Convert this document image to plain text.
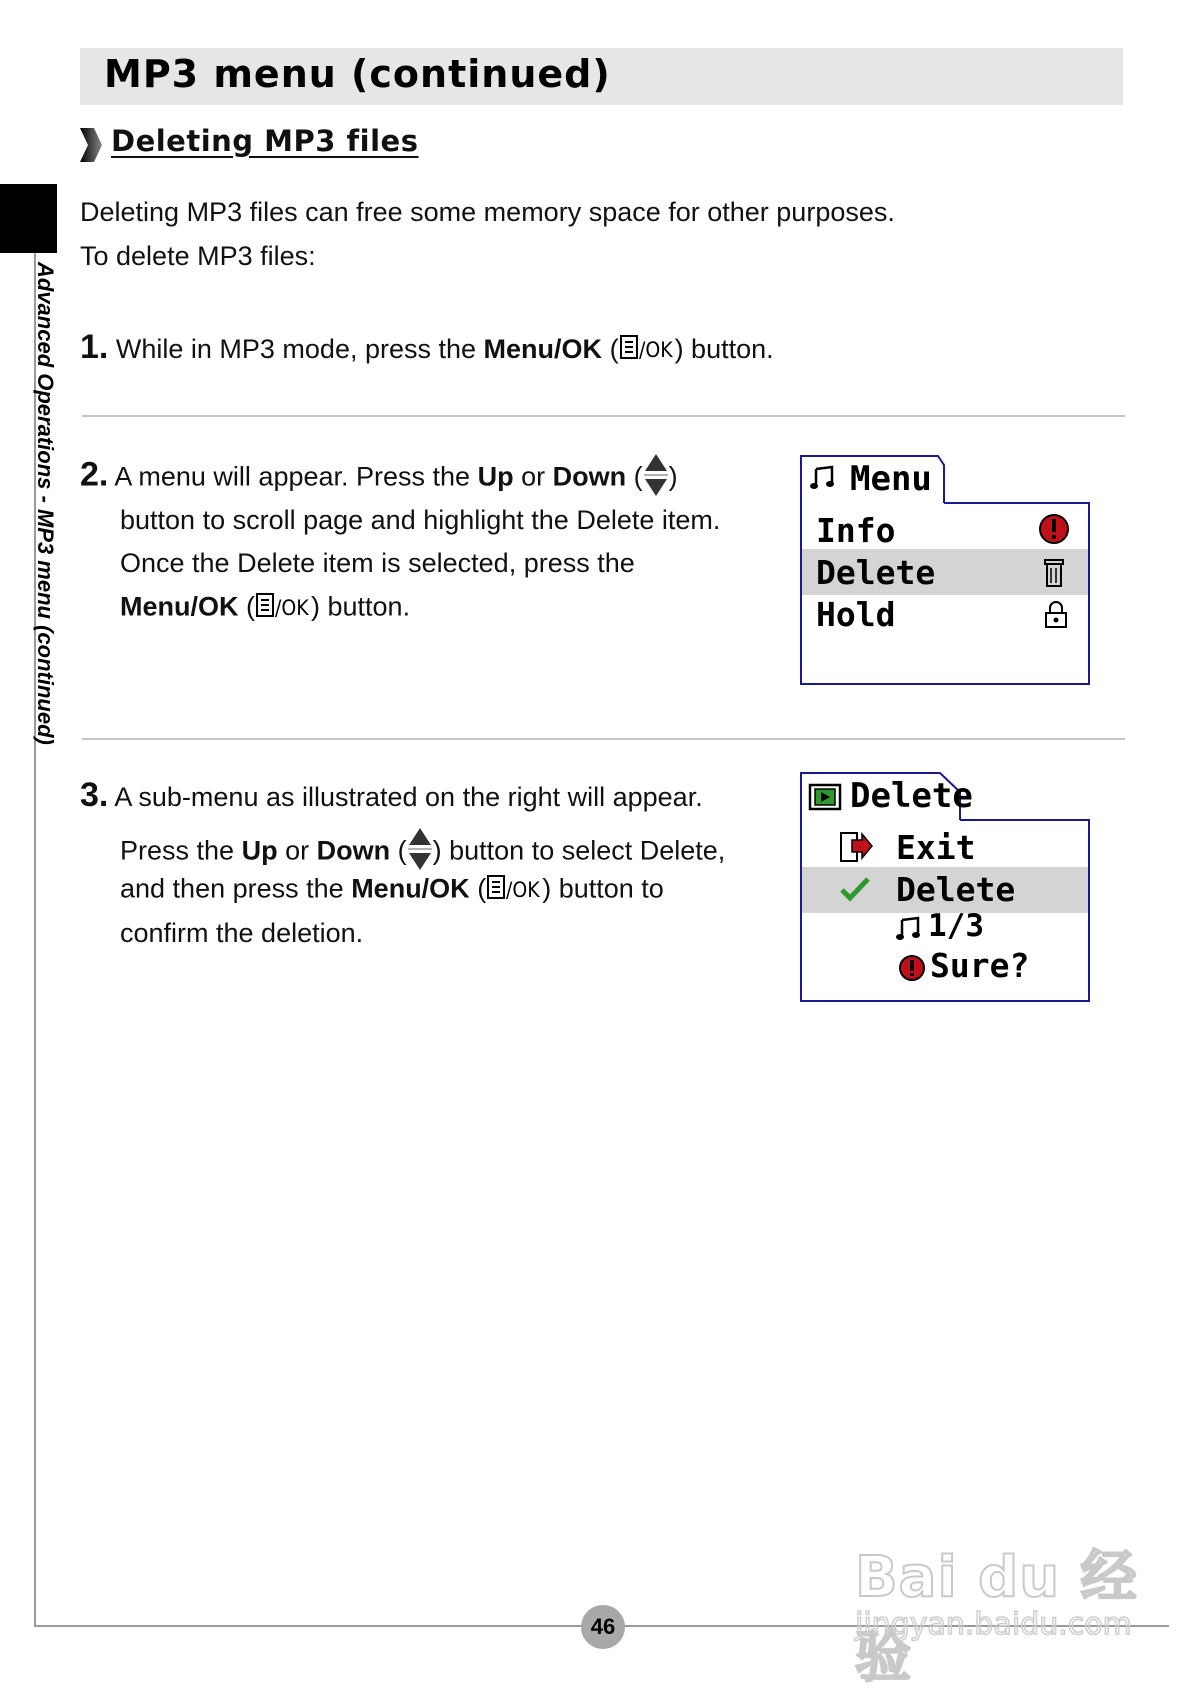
MP3 menu (continued)
Deleting MP3 files
Advanced Operations - MP3 menu (continued)
Deleting MP3 files can free some memory space for other purposes.
To delete MP3 files:
1. While in MP3 mode, press the Menu/OK ( /OK ) button.
2. A menu will appear. Press the Up or Down ( )
button to scroll page and highlight the Delete item.
Once the Delete item is selected, press the
Menu/OK ( /OK ) button.
Menu
Info
Delete
Hold
3. A sub-menu as illustrated on the right will appear.
Press the Up or Down ( ) button to select Delete,
and then press the Menu/OK ( /OK ) button to
confirm the deletion.
Delete
Exit
Delete
1/3
Sure?
Bai du 经验
jingyan.baidu.com
46
